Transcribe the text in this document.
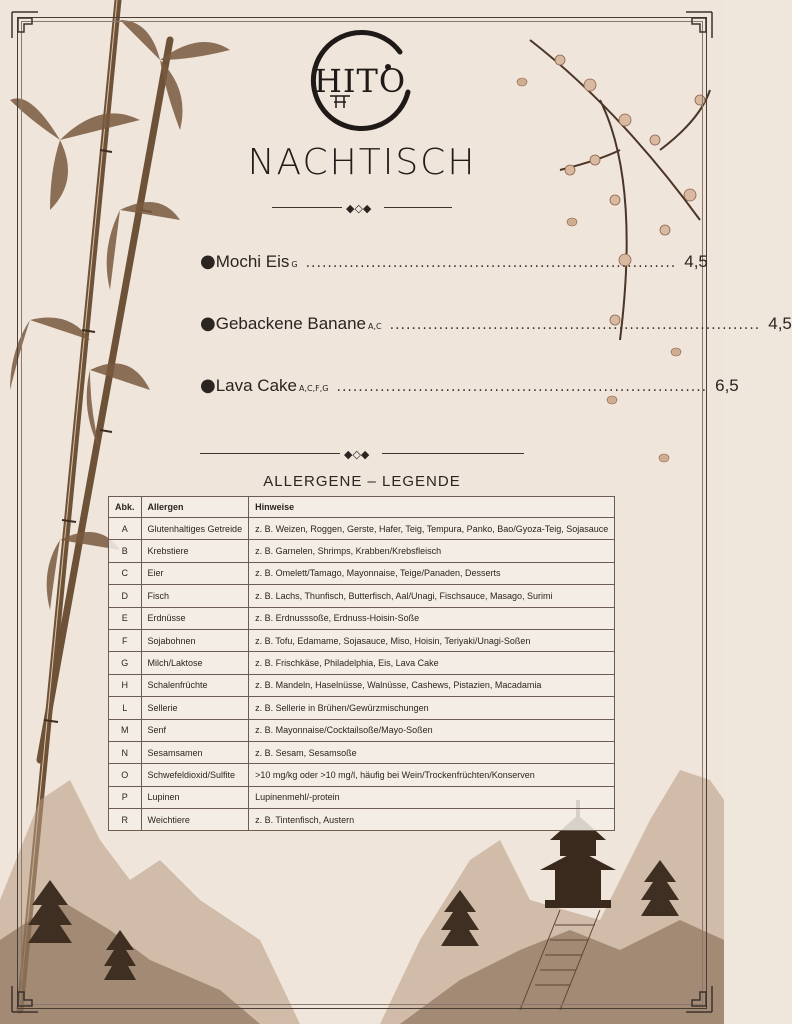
HITO
NACHTISCH
◆◇◆
● Mochi Eis G .................................................................... 4,5
● Gebackene Banane A,C .................................................................... 4,5
● Lava Cake A,C,F,G .................................................................... 6,5
◆◇◆
ALLERGENE – LEGENDE
Abk.	Allergen	Hinweise
A	Glutenhaltiges Getreide	z. B. Weizen, Roggen, Gerste, Hafer, Teig, Tempura, Panko, Bao/Gyoza-Teig, Sojasauce
B	Krebstiere	z. B. Garnelen, Shrimps, Krabben/Krebsfleisch
C	Eier	z. B. Omelett/Tamago, Mayonnaise, Teige/Panaden, Desserts
D	Fisch	z. B. Lachs, Thunfisch, Butterfisch, Aal/Unagi, Fischsauce, Masago, Surimi
E	Erdnüsse	z. B. Erdnusssoße, Erdnuss-Hoisin-Soße
F	Sojabohnen	z. B. Tofu, Edamame, Sojasauce, Miso, Hoisin, Teriyaki/Unagi-Soßen
G	Milch/Laktose	z. B. Frischkäse, Philadelphia, Eis, Lava Cake
H	Schalenfrüchte	z. B. Mandeln, Haselnüsse, Walnüsse, Cashews, Pistazien, Macadamia
L	Sellerie	z. B. Sellerie in Brühen/Gewürzmischungen
M	Senf	z. B. Mayonnaise/Cocktailsoße/Mayo-Soßen
N	Sesamsamen	z. B. Sesam, Sesamsoße
O	Schwefeldioxid/Sulfite	>10 mg/kg oder >10 mg/l, häufig bei Wein/Trockenfrüchten/Konserven
P	Lupinen	Lupinenmehl/-protein
R	Weichtiere	z. B. Tintenfisch, Austern
